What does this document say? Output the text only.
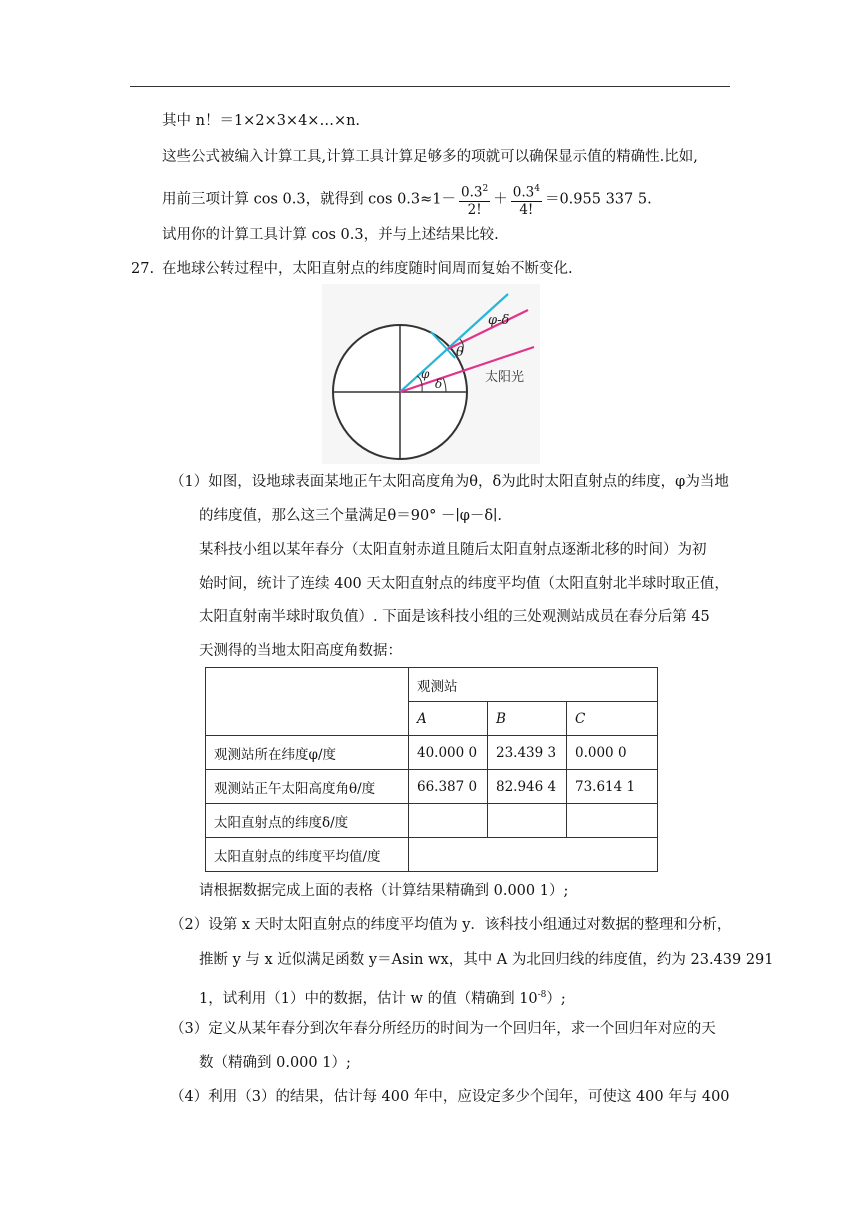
其中 n！＝1×2×3×4×…×n.
这些公式被编入计算工具,计算工具计算足够多的项就可以确保显示值的精确性.比如,
用前三项计算 cos 0.3，就得到 $\cos 0.3\approx 1- \frac{0.3^2}{2!} + \frac{0.3^4}{4!} =0.955$ 337 5.
试用你的计算工具计算 cos 0.3，并与上述结果比较.
27. 在地球公转过程中，太阳直射点的纬度随时间周而复始不断变化.
φ-δ
θ
φ
δ	太阳光
（1）如图，设地球表面某地正午太阳高度角为θ，δ为此时太阳直射点的纬度，φ为当地
的纬度值，那么这三个量满足θ＝90° －∣φ－δ∣.
某科技小组以某年春分（太阳直射赤道且随后太阳直射点逐渐北移的时间）为初
始时间，统计了连续 400 天太阳直射点的纬度平均值（太阳直射北半球时取正值，
太阳直射南半球时取负值）. 下面是该科技小组的三处观测站成员在春分后第 45
天测得的当地太阳高度角数据：
	观测站		
	A	B	C
观测站所在纬度φ/度	40.000 0	23.439 3	0.000 0
观测站正午太阳高度角θ/度	66.387 0	82.946 4	73.614 1
太阳直射点的纬度δ/度			
太阳直射点的纬度平均值/度			
请根据数据完成上面的表格（计算结果精确到 0.000 1）;
（2）设第 x 天时太阳直射点的纬度平均值为 y．该科技小组通过对数据的整理和分析，
推断 y 与 x 近似满足函数 y＝Asin wx，其中 A 为北回归线的纬度值，约为 23.439 291
1，试利用（1）中的数据，估计 w 的值（精确到 $10^{-8}$）;
（3）定义从某年春分到次年春分所经历的时间为一个回归年，求一个回归年对应的天
数（精确到 0.000 1）;
（4）利用（3）的结果，估计每 400 年中，应设定多少个闰年，可使这 400 年与 400
